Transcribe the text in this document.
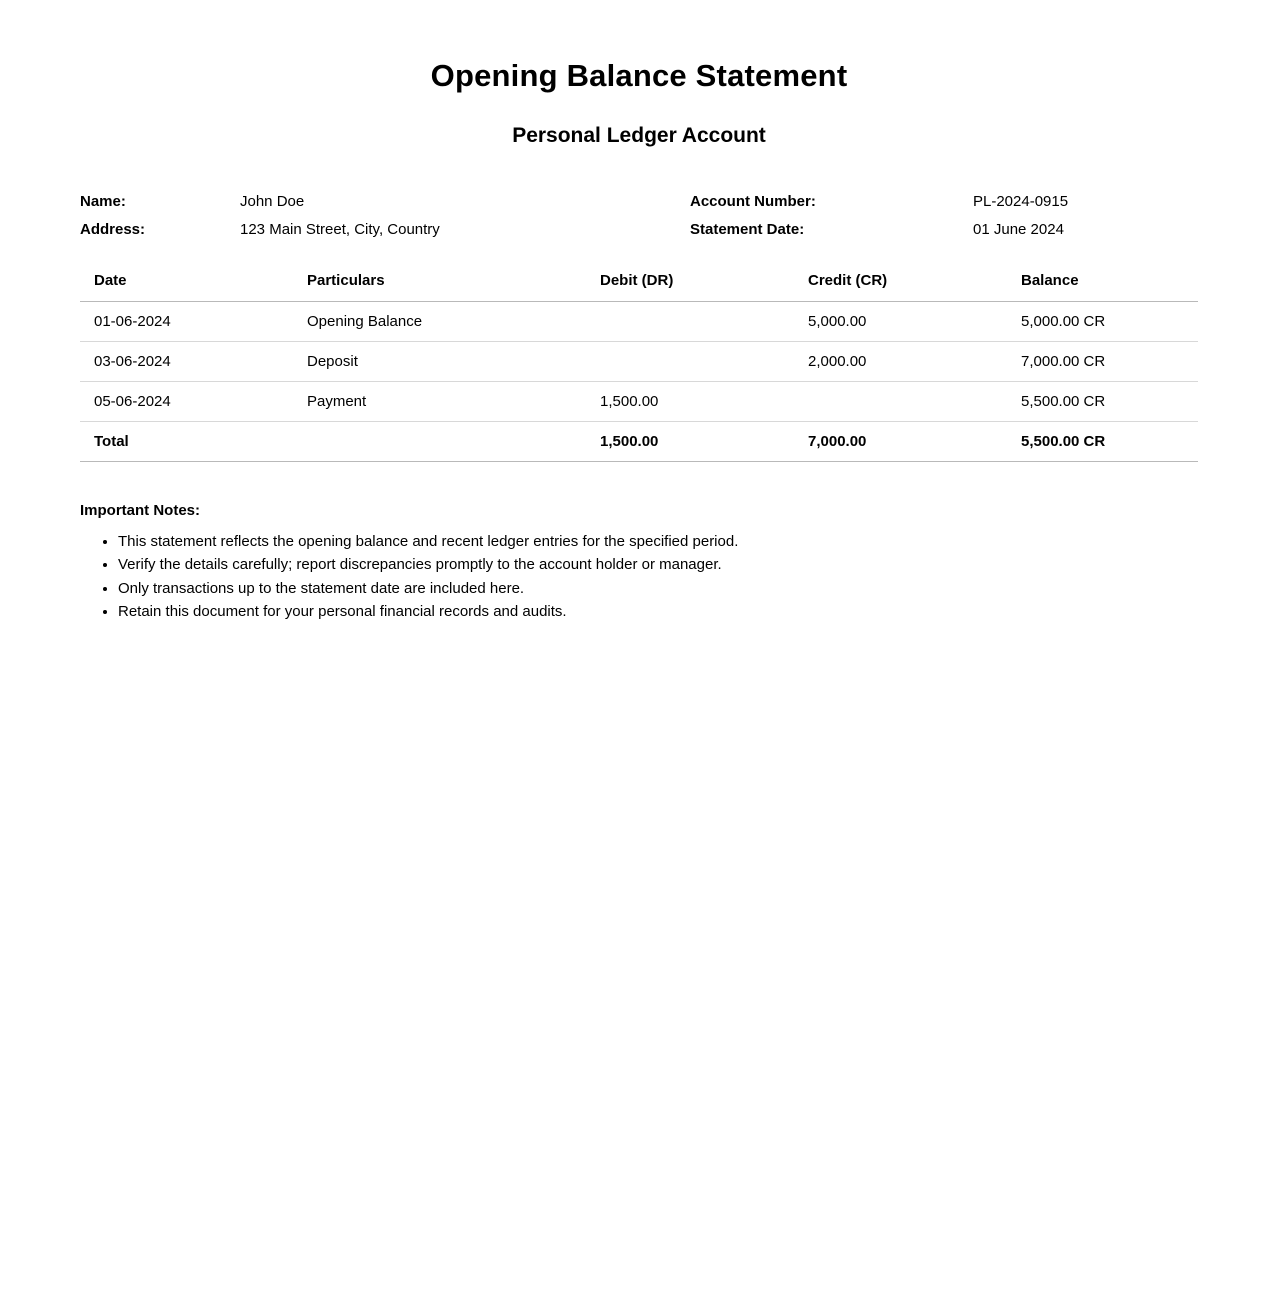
Opening Balance Statement
Personal Ledger Account
Name:	John Doe	Account Number:	PL-2024-0915
Address:	123 Main Street, City, Country	Statement Date:	01 June 2024
Date	Particulars	Debit (DR)	Credit (CR)	Balance
01-06-2024	Opening Balance		5,000.00	5,000.00 CR
03-06-2024	Deposit		2,000.00	7,000.00 CR
05-06-2024	Payment	1,500.00		5,500.00 CR
Total		1,500.00	7,000.00	5,500.00 CR
Important Notes:
• This statement reflects the opening balance and recent ledger entries for the specified period.
• Verify the details carefully; report discrepancies promptly to the account holder or manager.
• Only transactions up to the statement date are included here.
• Retain this document for your personal financial records and audits.
